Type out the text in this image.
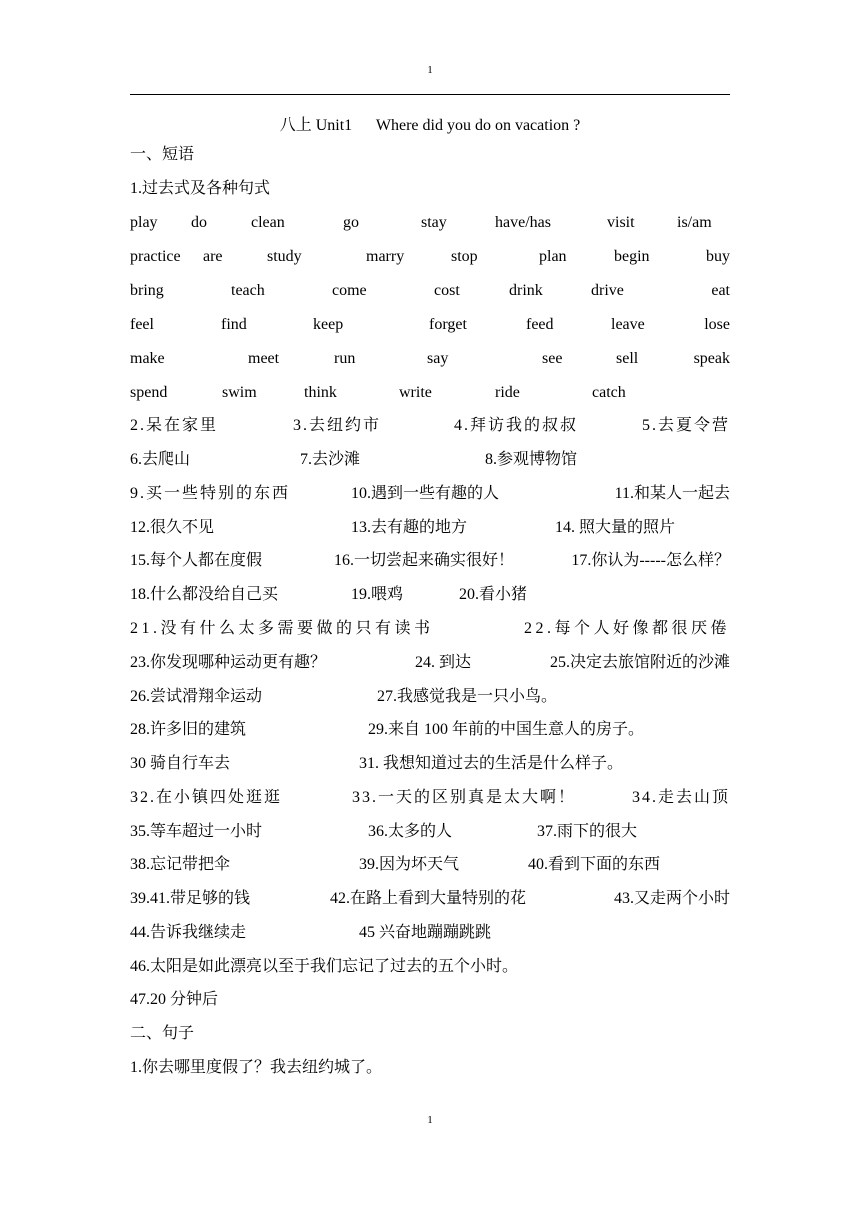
1
八上 Unit1      Where did you do on vacation ?
一、短语
1.过去式及各种句式
play do	clean	go	stay	have/has	visit	is/am
practice are	study	marry	stop	plan	begin	buy
bring	teach	come	cost	drink	drive	eat
feel	find	keep	forget	feed	leave	lose
make	meet	run	say	see	sell	speak
spend	swim	think	write	ride	catch
2.呆在家里	3.去纽约市	4.拜访我的叔叔	5.去夏令营
6.去爬山	7.去沙滩	8.参观博物馆
9.买一些特别的东西	10.遇到一些有趣的人	11.和某人一起去
12.很久不见	13.去有趣的地方	14. 照大量的照片
15.每个人都在度假	16.一切尝起来确实很好！	17.你认为-----怎么样？
18.什么都没给自己买	19.喂鸡	20.看小猪
21.没有什么太多需要做的只有读书	22.每个人好像都很厌倦
23.你发现哪种运动更有趣？	24. 到达	25.决定去旅馆附近的沙滩
26.尝试滑翔伞运动	27.我感觉我是一只小鸟。
28.许多旧的建筑	29.来自 100 年前的中国生意人的房子。
30 骑自行车去	31. 我想知道过去的生活是什么样子。
32.在小镇四处逛逛	33.一天的区别真是太大啊！	34.走去山顶
35.等车超过一小时	36.太多的人	37.雨下的很大
38.忘记带把伞	39.因为坏天气	40.看到下面的东西
39.41.带足够的钱	42.在路上看到大量特别的花	43.又走两个小时
44.告诉我继续走	45 兴奋地蹦蹦跳跳
46.太阳是如此漂亮以至于我们忘记了过去的五个小时。
47.20 分钟后
二、句子
1.你去哪里度假了？我去纽约城了。
1
